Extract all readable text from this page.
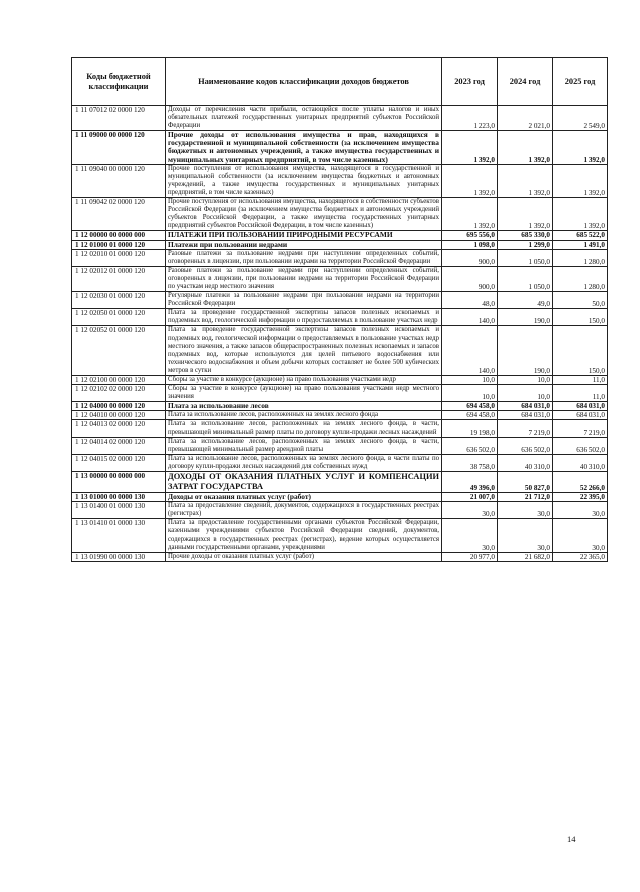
Коды бюджетной классификации	Наименование кодов классификации доходов бюджетов	2023 год	2024 год	2025 год
1 11 07012 02 0000 120	Доходы от перечисления части прибыли, остающейся после уплаты налогов и иных обязательных платежей государственных унитарных предприятий субъектов Российской Федерации	1 223,0	2 021,0	2 549,0
1 11 09000 00 0000 120	Прочие доходы от использования имущества и прав, находящихся в государственной и муниципальной собственности (за исключением имущества бюджетных и автономных учреждений, а также имущества государственных и муниципальных унитарных предприятий, в том числе казенных)	1 392,0	1 392,0	1 392,0
1 11 09040 00 0000 120	Прочие поступления от использования имущества, находящегося в государственной и муниципальной собственности (за исключением имущества бюджетных и автономных учреждений, а также имущества государственных и муниципальных унитарных предприятий, в том числе казенных)	1 392,0	1 392,0	1 392,0
1 11 09042 02 0000 120	Прочие поступления от использования имущества, находящегося в собственности субъектов Российской Федерации (за исключением имущества бюджетных и автономных учреждений субъектов Российской Федерации, а также имущества государственных унитарных предприятий субъектов Российской Федерации, в том числе казенных)	1 392,0	1 392,0	1 392,0
1 12 00000 00 0000 000	ПЛАТЕЖИ ПРИ ПОЛЬЗОВАНИИ ПРИРОДНЫМИ РЕСУРСАМИ	695 556,0	685 330,0	685 522,0
1 12 01000 01 0000 120	Платежи при пользовании недрами	1 098,0	1 299,0	1 491,0
1 12 02010 01 0000 120	Разовые платежи за пользование недрами при наступлении определенных событий, оговоренных в лицензии, при пользовании недрами на территории Российской Федерации	900,0	1 050,0	1 280,0
1 12 02012 01 0000 120	Разовые платежи за пользование недрами при наступлении определенных событий, оговоренных в лицензии, при пользовании недрами на территории Российской Федерации по участкам недр местного значения	900,0	1 050,0	1 280,0
1 12 02030 01 0000 120	Регулярные платежи за пользование недрами при пользовании недрами на территории Российской Федерации	48,0	49,0	50,0
1 12 02050 01 0000 120	Плата за проведение государственной экспертизы запасов полезных ископаемых и подземных вод, геологической информации о предоставляемых в пользование участках недр	140,0	190,0	150,0
1 12 02052 01 0000 120	Плата за проведение государственной экспертизы запасов полезных ископаемых и подземных вод, геологической информации о предоставляемых в пользование участках недр местного значения, а также запасов общераспространенных полезных ископаемых и запасов подземных вод, которые используются для целей питьевого водоснабжения или технического водоснабжения и объем добычи которых составляет не более 500 кубических метров в сутки	140,0	190,0	150,0
1 12 02100 00 0000 120	Сборы за участие в конкурсе (аукционе) на право пользования участками недр	10,0	10,0	11,0
1 12 02102 02 0000 120	Сборы за участие в конкурсе (аукционе) на право пользования участками недр местного значения	10,0	10,0	11,0
1 12 04000 00 0000 120	Плата за использование лесов	694 458,0	684 031,0	684 031,0
1 12 04010 00 0000 120	Плата за использование лесов, расположенных на землях лесного фонда	694 458,0	684 031,0	684 031,0
1 12 04013 02 0000 120	Плата за использование лесов, расположенных на землях лесного фонда, в части, превышающей минимальный размер платы по договору купли-продажи лесных насаждений	19 198,0	7 219,0	7 219,0
1 12 04014 02 0000 120	Плата за использование лесов, расположенных на землях лесного фонда, в части, превышающей минимальный размер арендной платы	636 502,0	636 502,0	636 502,0
1 12 04015 02 0000 120	Плата за использование лесов, расположенных на землях лесного фонда, в части платы по договору купли-продажи лесных насаждений для собственных нужд	38 758,0	40 310,0	40 310,0
1 13 00000 00 0000 000	ДОХОДЫ ОТ ОКАЗАНИЯ ПЛАТНЫХ УСЛУГ И КОМПЕНСАЦИИ ЗАТРАТ ГОСУДАРСТВА	49 396,0	50 827,0	52 266,0
1 13 01000 00 0000 130	Доходы от оказания платных услуг (работ)	21 007,0	21 712,0	22 395,0
1 13 01400 01 0000 130	Плата за предоставление сведений, документов, содержащихся в государственных реестрах (регистрах)	30,0	30,0	30,0
1 13 01410 01 0000 130	Плата за предоставление государственными органами субъектов Российской Федерации, казенными учреждениями субъектов Российской Федерации сведений, документов, содержащихся в государственных реестрах (регистрах), ведение которых осуществляется данными государственными органами, учреждениями	30,0	30,0	30,0
1 13 01990 00 0000 130	Прочие доходы от оказания платных услуг (работ)	20 977,0	21 682,0	22 365,0
14
